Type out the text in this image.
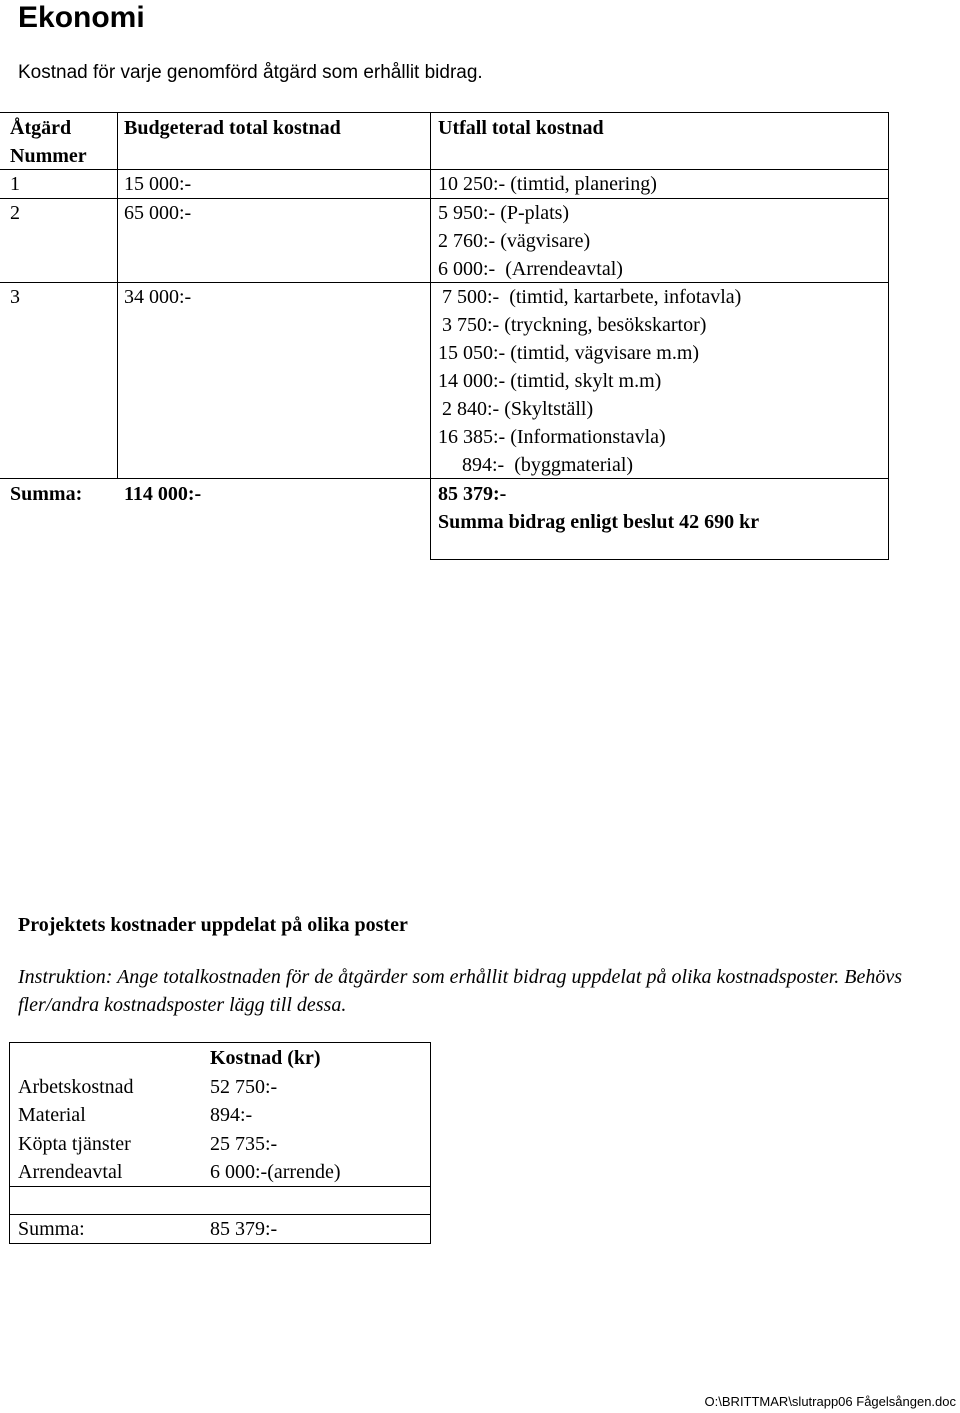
Ekonomi
Kostnad för varje genomförd åtgärd som erhållit bidrag.
Åtgärd
Nummer
Budgeterad total kostnad	Utfall total kostnad
1	15 000:-	10 250:- (timtid, planering)
2	65 000:-	5 950:- (P-plats)
2 760:- (vägvisare)
6 000:-  (Arrendeavtal)
3	34 000:-	7 500:-  (timtid, kartarbete, infotavla)
3 750:- (tryckning, besökskartor)
15 050:- (timtid, vägvisare m.m)
14 000:- (timtid, skylt m.m)
2 840:- (Skyltställ)
16 385:- (Informationstavla)
894:-  (byggmaterial)
Summa: 114 000:-	85 379:-
Summa bidrag enligt beslut 42 690 kr
Projektets kostnader uppdelat på olika poster
Instruktion: Ange totalkostnaden för de åtgärder som erhållit bidrag uppdelat på olika kostnadsposter. Behövs fler/andra kostnadsposter lägg till dessa.
Kostnad (kr)
Arbetskostnad	52 750:-
Material	894:-
Köpta tjänster	25 735:-
Arrendeavtal	6 000:-(arrende)
Summa:	85 379:-
O:\BRITTMAR\slutrapp06 Fågelsången.doc
